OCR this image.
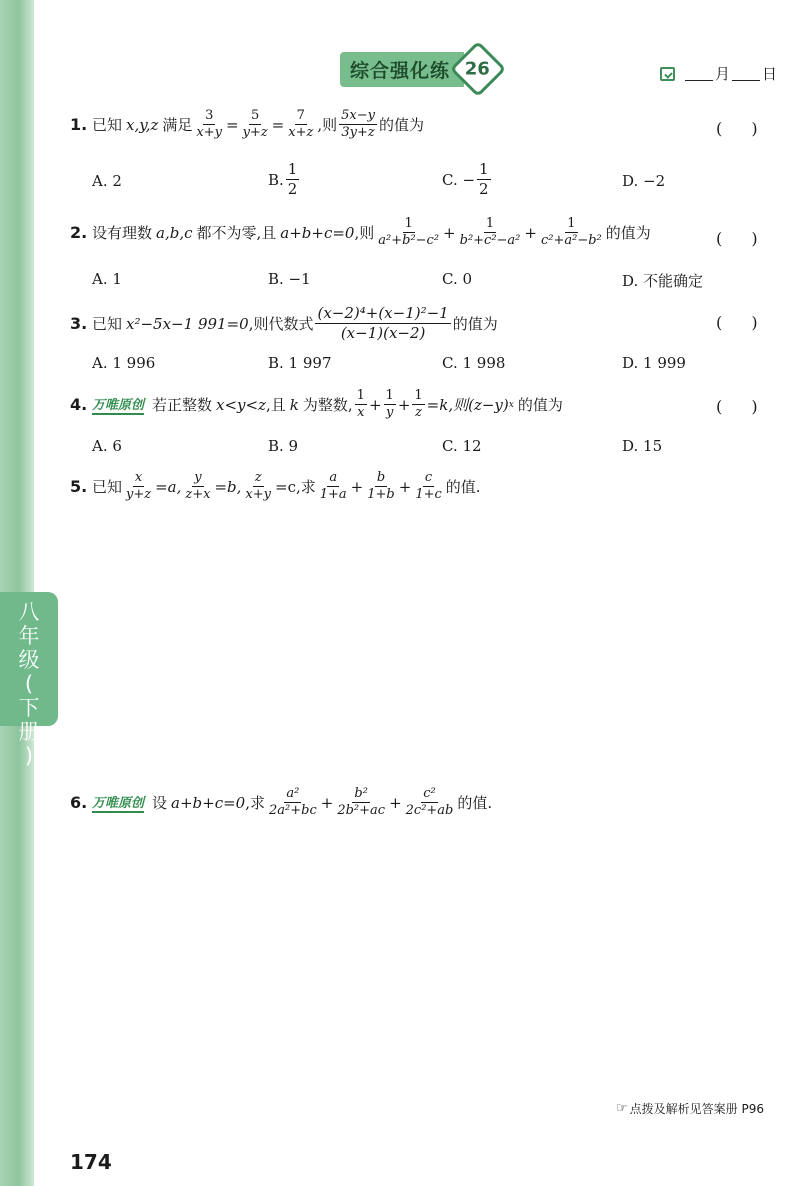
八
年
级
(
下
册
)
综合强化练 26	月 日
1. 已知 x,y,z 满足 $\frac{3}{x+y} = \frac{5}{y+z} = \frac{7}{x+z}$ ,则 $\frac{5x-y}{3y+z}$ 的值为	( )
A. 2	B. $\frac{1}{2}$	C. − $\frac{1}{2}$	D. −2
2. 设有理数 a,b,c 都不为零,且 a+b+c=0 ,则 $\frac{1}{\text{a²+b²−c²}} + \frac{1}{\text{b²+c²−a²}} + \frac{1}{\text{c²+a²−b²}}$ 的值为	( )
A. 1	B. −1	C. 0	D. 不能确定
3. 已知 x²−5x−1 991=0 ,则代数式 $\frac{\text{(x−2)⁴+(x−1)²−1}}{(x-1)(x-2)}$ 的值为	( )
A. 1 996	B. 1 997	C. 1 998	D. 1 999
4. 万唯原创 若正整数 x<y<z ,且 k 为整数, $\frac{1}{x} + \frac{1}{y} + \frac{1}{z} =k$,则 (z−y) x 的值为	( )
A. 6	B. 9	C. 12	D. 15
5. 已知 $\frac{x}{y+z} =a$, $\frac{y}{z+x} =b$, $\frac{z}{x+y} =c$,求 $\frac{a}{1+a} + \frac{b}{1+b} + \frac{c}{1+c}$ 的值.
6. 万唯原创 设 a+b+c=0 ,求 $\frac{\text{a²}}{\text{2a²+bc}} + \frac{\text{b²}}{\text{2b²+ac}} + \frac{\text{c²}}{\text{2c²+ab}}$ 的值.
☞ 点拨及解析见答案册 P96
174
